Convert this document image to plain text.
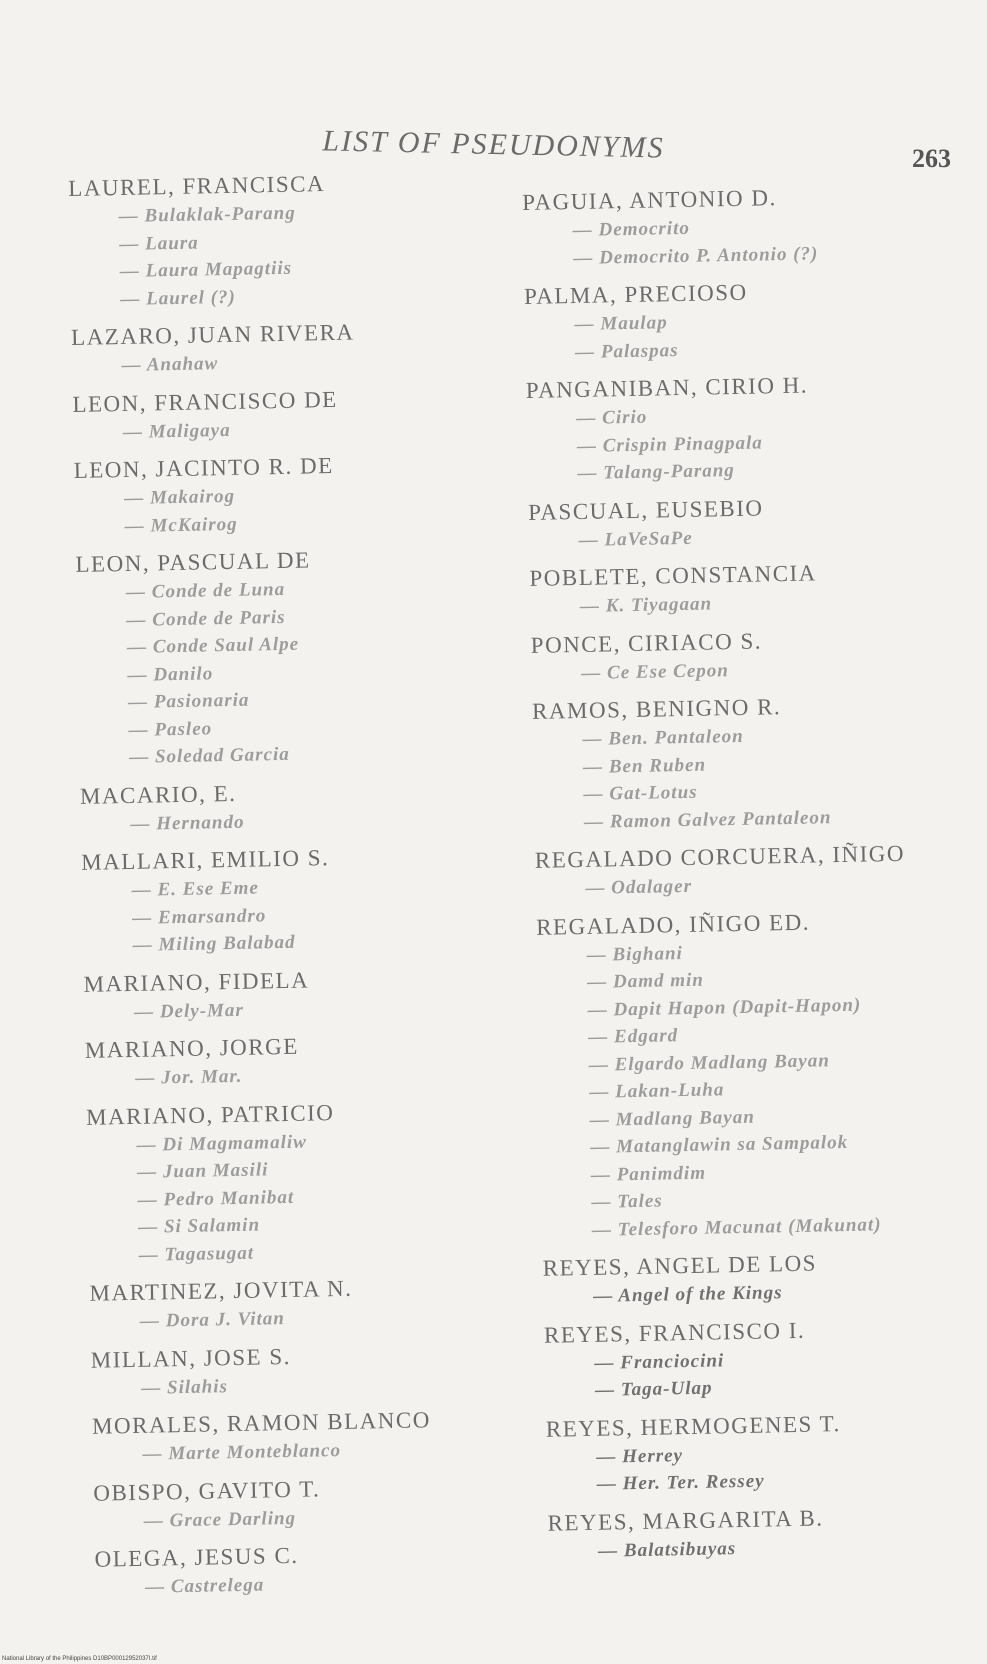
LIST OF PSEUDONYMS	263
LAUREL, FRANCISCA
— Bulaklak-Parang
— Laura
— Laura Mapagtiis
— Laurel (?)
LAZARO, JUAN RIVERA
— Anahaw
LEON, FRANCISCO DE
— Maligaya
LEON, JACINTO R. DE
— Makairog
— McKairog
LEON, PASCUAL DE
— Conde de Luna
— Conde de Paris
— Conde Saul Alpe
— Danilo
— Pasionaria
— Pasleo
— Soledad Garcia
MACARIO, E.
— Hernando
MALLARI, EMILIO S.
— E. Ese Eme
— Emarsandro
— Miling Balabad
MARIANO, FIDELA
— Dely-Mar
MARIANO, JORGE
— Jor. Mar.
MARIANO, PATRICIO
— Di Magmamaliw
— Juan Masili
— Pedro Manibat
— Si Salamin
— Tagasugat
MARTINEZ, JOVITA N.
— Dora J. Vitan
MILLAN, JOSE S.
— Silahis
MORALES, RAMON BLANCO
— Marte Monteblanco
OBISPO, GAVITO T.
— Grace Darling
OLEGA, JESUS C.
— Castrelega
PAGUIA, ANTONIO D.
— Democrito
— Democrito P. Antonio (?)
PALMA, PRECIOSO
— Maulap
— Palaspas
PANGANIBAN, CIRIO H.
— Cirio
— Crispin Pinagpala
— Talang-Parang
PASCUAL, EUSEBIO
— LaVeSaPe
POBLETE, CONSTANCIA
— K. Tiyagaan
PONCE, CIRIACO S.
— Ce Ese Cepon
RAMOS, BENIGNO R.
— Ben. Pantaleon
— Ben Ruben
— Gat-Lotus
— Ramon Galvez Pantaleon
REGALADO CORCUERA, IÑIGO
— Odalager
REGALADO, IÑIGO ED.
— Bighani
— Damd min
— Dapit Hapon (Dapit-Hapon)
— Edgard
— Elgardo Madlang Bayan
— Lakan-Luha
— Madlang Bayan
— Matanglawin sa Sampalok
— Panimdim
— Tales
— Telesforo Macunat (Makunat)
REYES, ANGEL DE LOS
— Angel of the Kings
REYES, FRANCISCO I.
— Franciocini
— Taga-Ulap
REYES, HERMOGENES T.
— Herrey
— Her. Ter. Ressey
REYES, MARGARITA B.
— Balatsibuyas
National Library of the Philippines D10BP00012952037I.tif
